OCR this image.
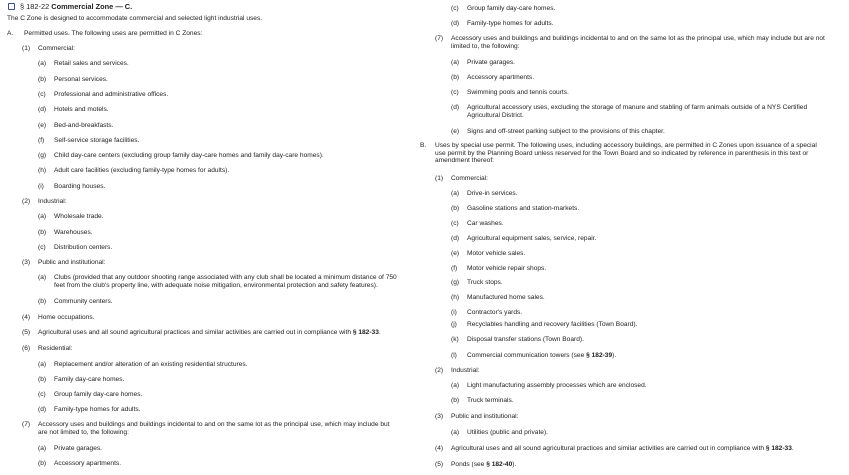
§ 182-22 Commercial Zone — C.
The C Zone is designed to accommodate commercial and selected light industrial uses.
A. Permitted uses. The following uses are permitted in C Zones:
(1) Commercial:
(a) Retail sales and services.
(b) Personal services.
(c) Professional and administrative offices.
(d) Hotels and motels.
(e) Bed-and-breakfasts.
(f) Self-service storage facilities.
(g) Child day-care centers (excluding group family day-care homes and family day-care homes).
(h) Adult care facilities (excluding family-type homes for adults).
(i) Boarding houses.
(2) Industrial:
(a) Wholesale trade.
(b) Warehouses.
(c) Distribution centers.
(3) Public and institutional:
(a)	Clubs (provided that any outdoor shooting range associated with any club shall be located a minimum distance of 750 feet from the club's property line, with adequate noise mitigation, environmental protection and safety features).
(b) Community centers.
(4) Home occupations.
(5) Agricultural uses and all sound agricultural practices and similar activities are carried out in compliance with § 182-33.
(6) Residential:
(a) Replacement and/or alteration of an existing residential structures.
(b) Family day-care homes.
(c) Group family day-care homes.
(d) Family-type homes for adults.
(7)	Accessory uses and buildings and buildings incidental to and on the same lot as the principal use, which may include but are not limited to, the following:
(a) Private garages.
(b) Accessory apartments.
(c) Group family day-care homes.
(d) Family-type homes for adults.
(7)	Accessory uses and buildings and buildings incidental to and on the same lot as the principal use, which may include but are not limited to, the following:
(a) Private garages.
(b) Accessory apartments.
(c) Swimming pools and tennis courts.
(d)	Agricultural accessory uses, excluding the storage of manure and stabling of farm animals outside of a NYS Certified Agricultural District.
(e) Signs and off-street parking subject to the provisions of this chapter.
B.	Uses by special use permit. The following uses, including accessory buildings, are permitted in C Zones upon issuance of a special use permit by the Planning Board unless reserved for the Town Board and so indicated by reference in parenthesis in this text or amendment thereof:
(1) Commercial:
(a) Drive-in services.
(b) Gasoline stations and station-markets.
(c) Car washes.
(d) Agricultural equipment sales, service, repair.
(e) Motor vehicle sales.
(f) Motor vehicle repair shops.
(g) Truck stops.
(h) Manufactured home sales.
(i) Contractor's yards.
(j) Recyclables handling and recovery facilities (Town Board).
(k) Disposal transfer stations (Town Board).
(l) Commercial communication towers (see § 182-39).
(2) Industrial:
(a) Light manufacturing assembly processes which are enclosed.
(b) Truck terminals.
(3) Public and institutional:
(a) Utilities (public and private).
(4) Agricultural uses and all sound agricultural practices and similar activities are carried out in compliance with § 182-33.
(5) Ponds (see § 182-40).
